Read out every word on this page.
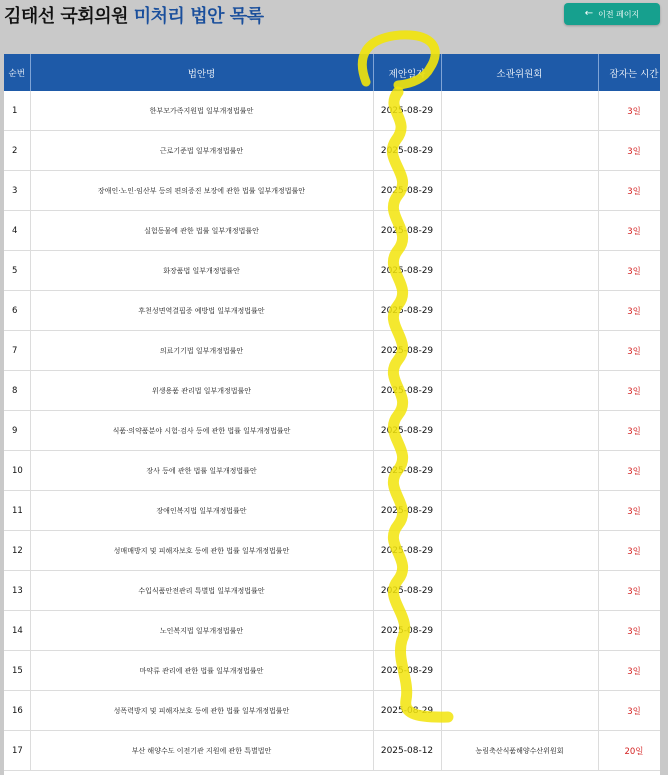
김태선 국회의원 미처리 법안 목록	← 이전 페이지
순번	법안명	제안일자	소관위원회	잠자는 시간
1	한부모가족지원법 일부개정법률안	2025-08-29		3일
2	근로기준법 일부개정법률안	2025-08-29		3일
3	장애인·노인·임산부 등의 편의증진 보장에 관한 법률 일부개정법률안	2025-08-29		3일
4	실험동물에 관한 법률 일부개정법률안	2025-08-29		3일
5	화장품법 일부개정법률안	2025-08-29		3일
6	후천성면역결핍증 예방법 일부개정법률안	2025-08-29		3일
7	의료기기법 일부개정법률안	2025-08-29		3일
8	위생용품 관리법 일부개정법률안	2025-08-29		3일
9	식품·의약품분야 시험·검사 등에 관한 법률 일부개정법률안	2025-08-29		3일
10	장사 등에 관한 법률 일부개정법률안	2025-08-29		3일
11	장애인복지법 일부개정법률안	2025-08-29		3일
12	성매매방지 및 피해자보호 등에 관한 법률 일부개정법률안	2025-08-29		3일
13	수입식품안전관리 특별법 일부개정법률안	2025-08-29		3일
14	노인복지법 일부개정법률안	2025-08-29		3일
15	마약류 관리에 관한 법률 일부개정법률안	2025-08-29		3일
16	성폭력방지 및 피해자보호 등에 관한 법률 일부개정법률안	2025-08-29		3일
17	부산 해양수도 이전기관 지원에 관한 특별법안	2025-08-12	농림축산식품해양수산위원회	20일
